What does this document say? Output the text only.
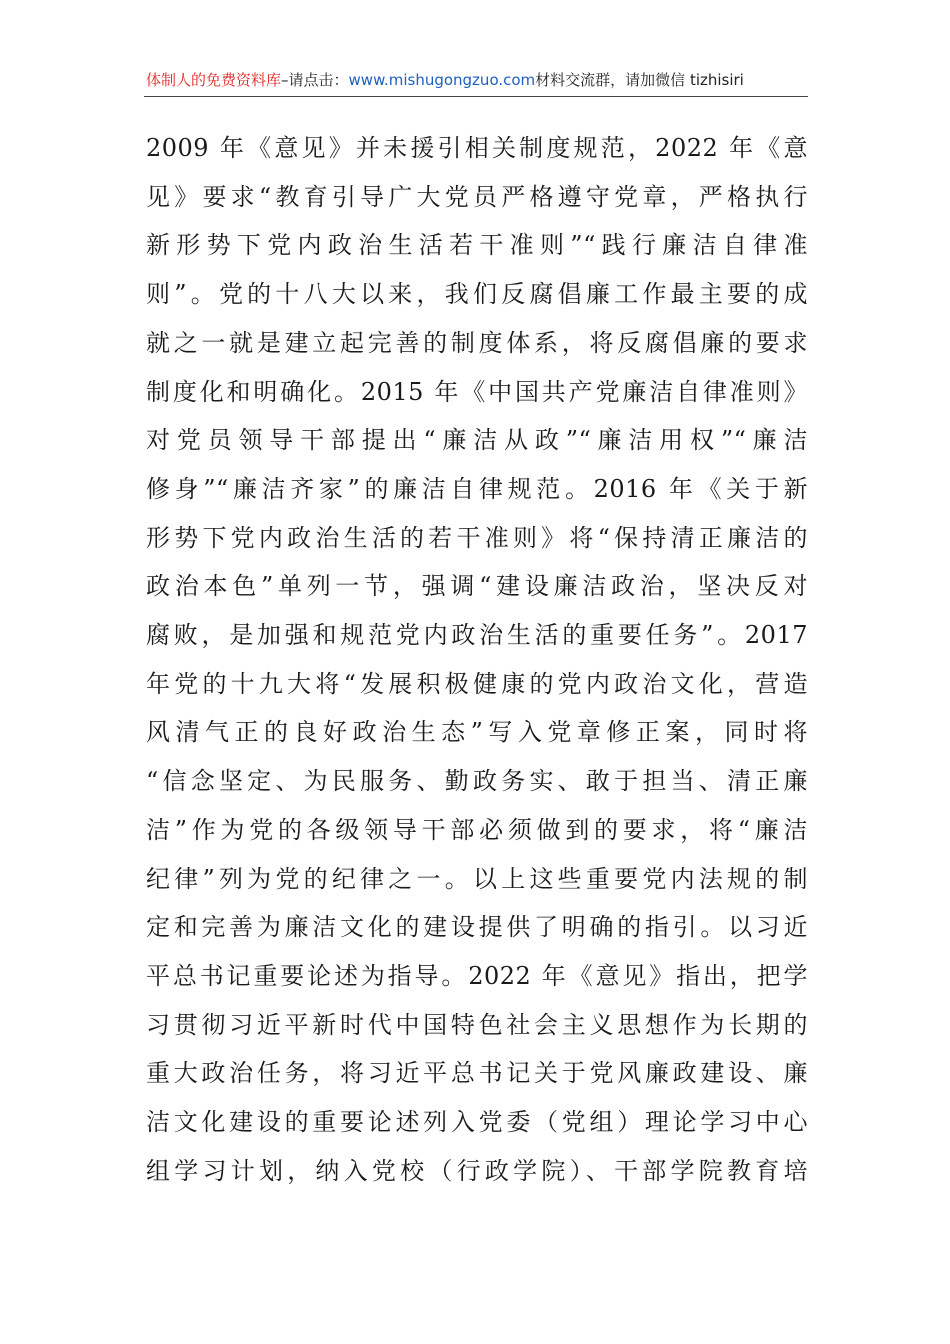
体制人的免费资料库–请点击：www.mishugongzuo.com材料交流群，请加微信 tizhisiri
2009 年《意见》并未援引相关制度规范，2022 年《意
见》要求“教育引导广大党员严格遵守党章，严格执行
新形势下党内政治生活若干准则”“践行廉洁自律准
则”。党的十八大以来，我们反腐倡廉工作最主要的成
就之一就是建立起完善的制度体系，将反腐倡廉的要求
制度化和明确化。2015 年《中国共产党廉洁自律准则》
对党员领导干部提出“廉洁从政”“廉洁用权”“廉洁
修身”“廉洁齐家”的廉洁自律规范。2016 年《关于新
形势下党内政治生活的若干准则》将“保持清正廉洁的
政治本色”单列一节，强调“建设廉洁政治，坚决反对
腐败，是加强和规范党内政治生活的重要任务”。2017
年党的十九大将“发展积极健康的党内政治文化，营造
风清气正的良好政治生态”写入党章修正案，同时将
“信念坚定、为民服务、勤政务实、敢于担当、清正廉
洁”作为党的各级领导干部必须做到的要求，将“廉洁
纪律”列为党的纪律之一。以上这些重要党内法规的制
定和完善为廉洁文化的建设提供了明确的指引。以习近
平总书记重要论述为指导。2022 年《意见》指出，把学
习贯彻习近平新时代中国特色社会主义思想作为长期的
重大政治任务，将习近平总书记关于党风廉政建设、廉
洁文化建设的重要论述列入党委（党组）理论学习中心
组学习计划，纳入党校（行政学院）、干部学院教育培
